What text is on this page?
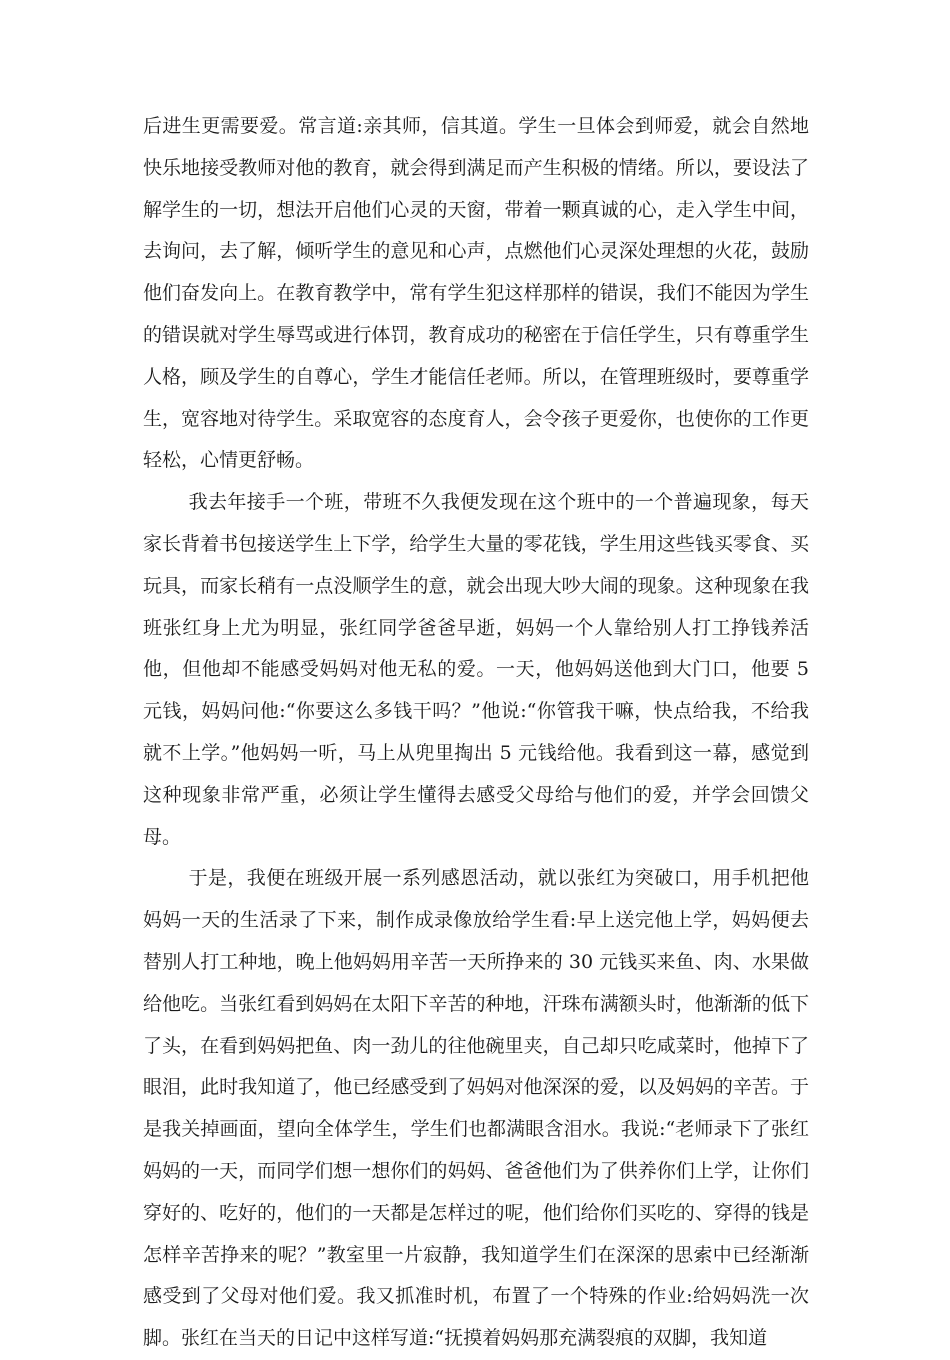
后进生更需要爱。常言道:亲其师，信其道。学生一旦体会到师爱，就会自然地快乐地接受教师对他的教育，就会得到满足而产生积极的情绪。所以，要设法了解学生的一切，想法开启他们心灵的天窗，带着一颗真诚的心，走入学生中间，去询问，去了解，倾听学生的意见和心声，点燃他们心灵深处理想的火花，鼓励他们奋发向上。在教育教学中，常有学生犯这样那样的错误，我们不能因为学生的错误就对学生辱骂或进行体罚，教育成功的秘密在于信任学生，只有尊重学生人格，顾及学生的自尊心，学生才能信任老师。所以，在管理班级时，要尊重学生，宽容地对待学生。采取宽容的态度育人，会令孩子更爱你，也使你的工作更轻松，心情更舒畅。

我去年接手一个班，带班不久我便发现在这个班中的一个普遍现象，每天家长背着书包接送学生上下学，给学生大量的零花钱，学生用这些钱买零食、买玩具，而家长稍有一点没顺学生的意，就会出现大吵大闹的现象。这种现象在我班张红身上尤为明显，张红同学爸爸早逝，妈妈一个人靠给别人打工挣钱养活他，但他却不能感受妈妈对他无私的爱。一天，他妈妈送他到大门口，他要 5 元钱，妈妈问他:“你要这么多钱干吗？”他说:“你管我干嘛，快点给我，不给我就不上学。”他妈妈一听，马上从兜里掏出 5 元钱给他。我看到这一幕，感觉到这种现象非常严重，必须让学生懂得去感受父母给与他们的爱，并学会回馈父母。

于是，我便在班级开展一系列感恩活动，就以张红为突破口，用手机把他妈妈一天的生活录了下来，制作成录像放给学生看:早上送完他上学，妈妈便去替别人打工种地，晚上他妈妈用辛苦一天所挣来的 30 元钱买来鱼、肉、水果做给他吃。当张红看到妈妈在太阳下辛苦的种地，汗珠布满额头时，他渐渐的低下了头，在看到妈妈把鱼、肉一劲儿的往他碗里夹，自己却只吃咸菜时，他掉下了眼泪，此时我知道了，他已经感受到了妈妈对他深深的爱，以及妈妈的辛苦。于是我关掉画面，望向全体学生，学生们也都满眼含泪水。我说:“老师录下了张红妈妈的一天，而同学们想一想你们的妈妈、爸爸他们为了供养你们上学，让你们穿好的、吃好的，他们的一天都是怎样过的呢，他们给你们买吃的、穿得的钱是怎样辛苦挣来的呢？”教室里一片寂静，我知道学生们在深深的思索中已经渐渐感受到了父母对他们爱。我又抓准时机，布置了一个特殊的作业:给妈妈洗一次脚。张红在当天的日记中这样写道:“抚摸着妈妈那充满裂痕的双脚，我知道
